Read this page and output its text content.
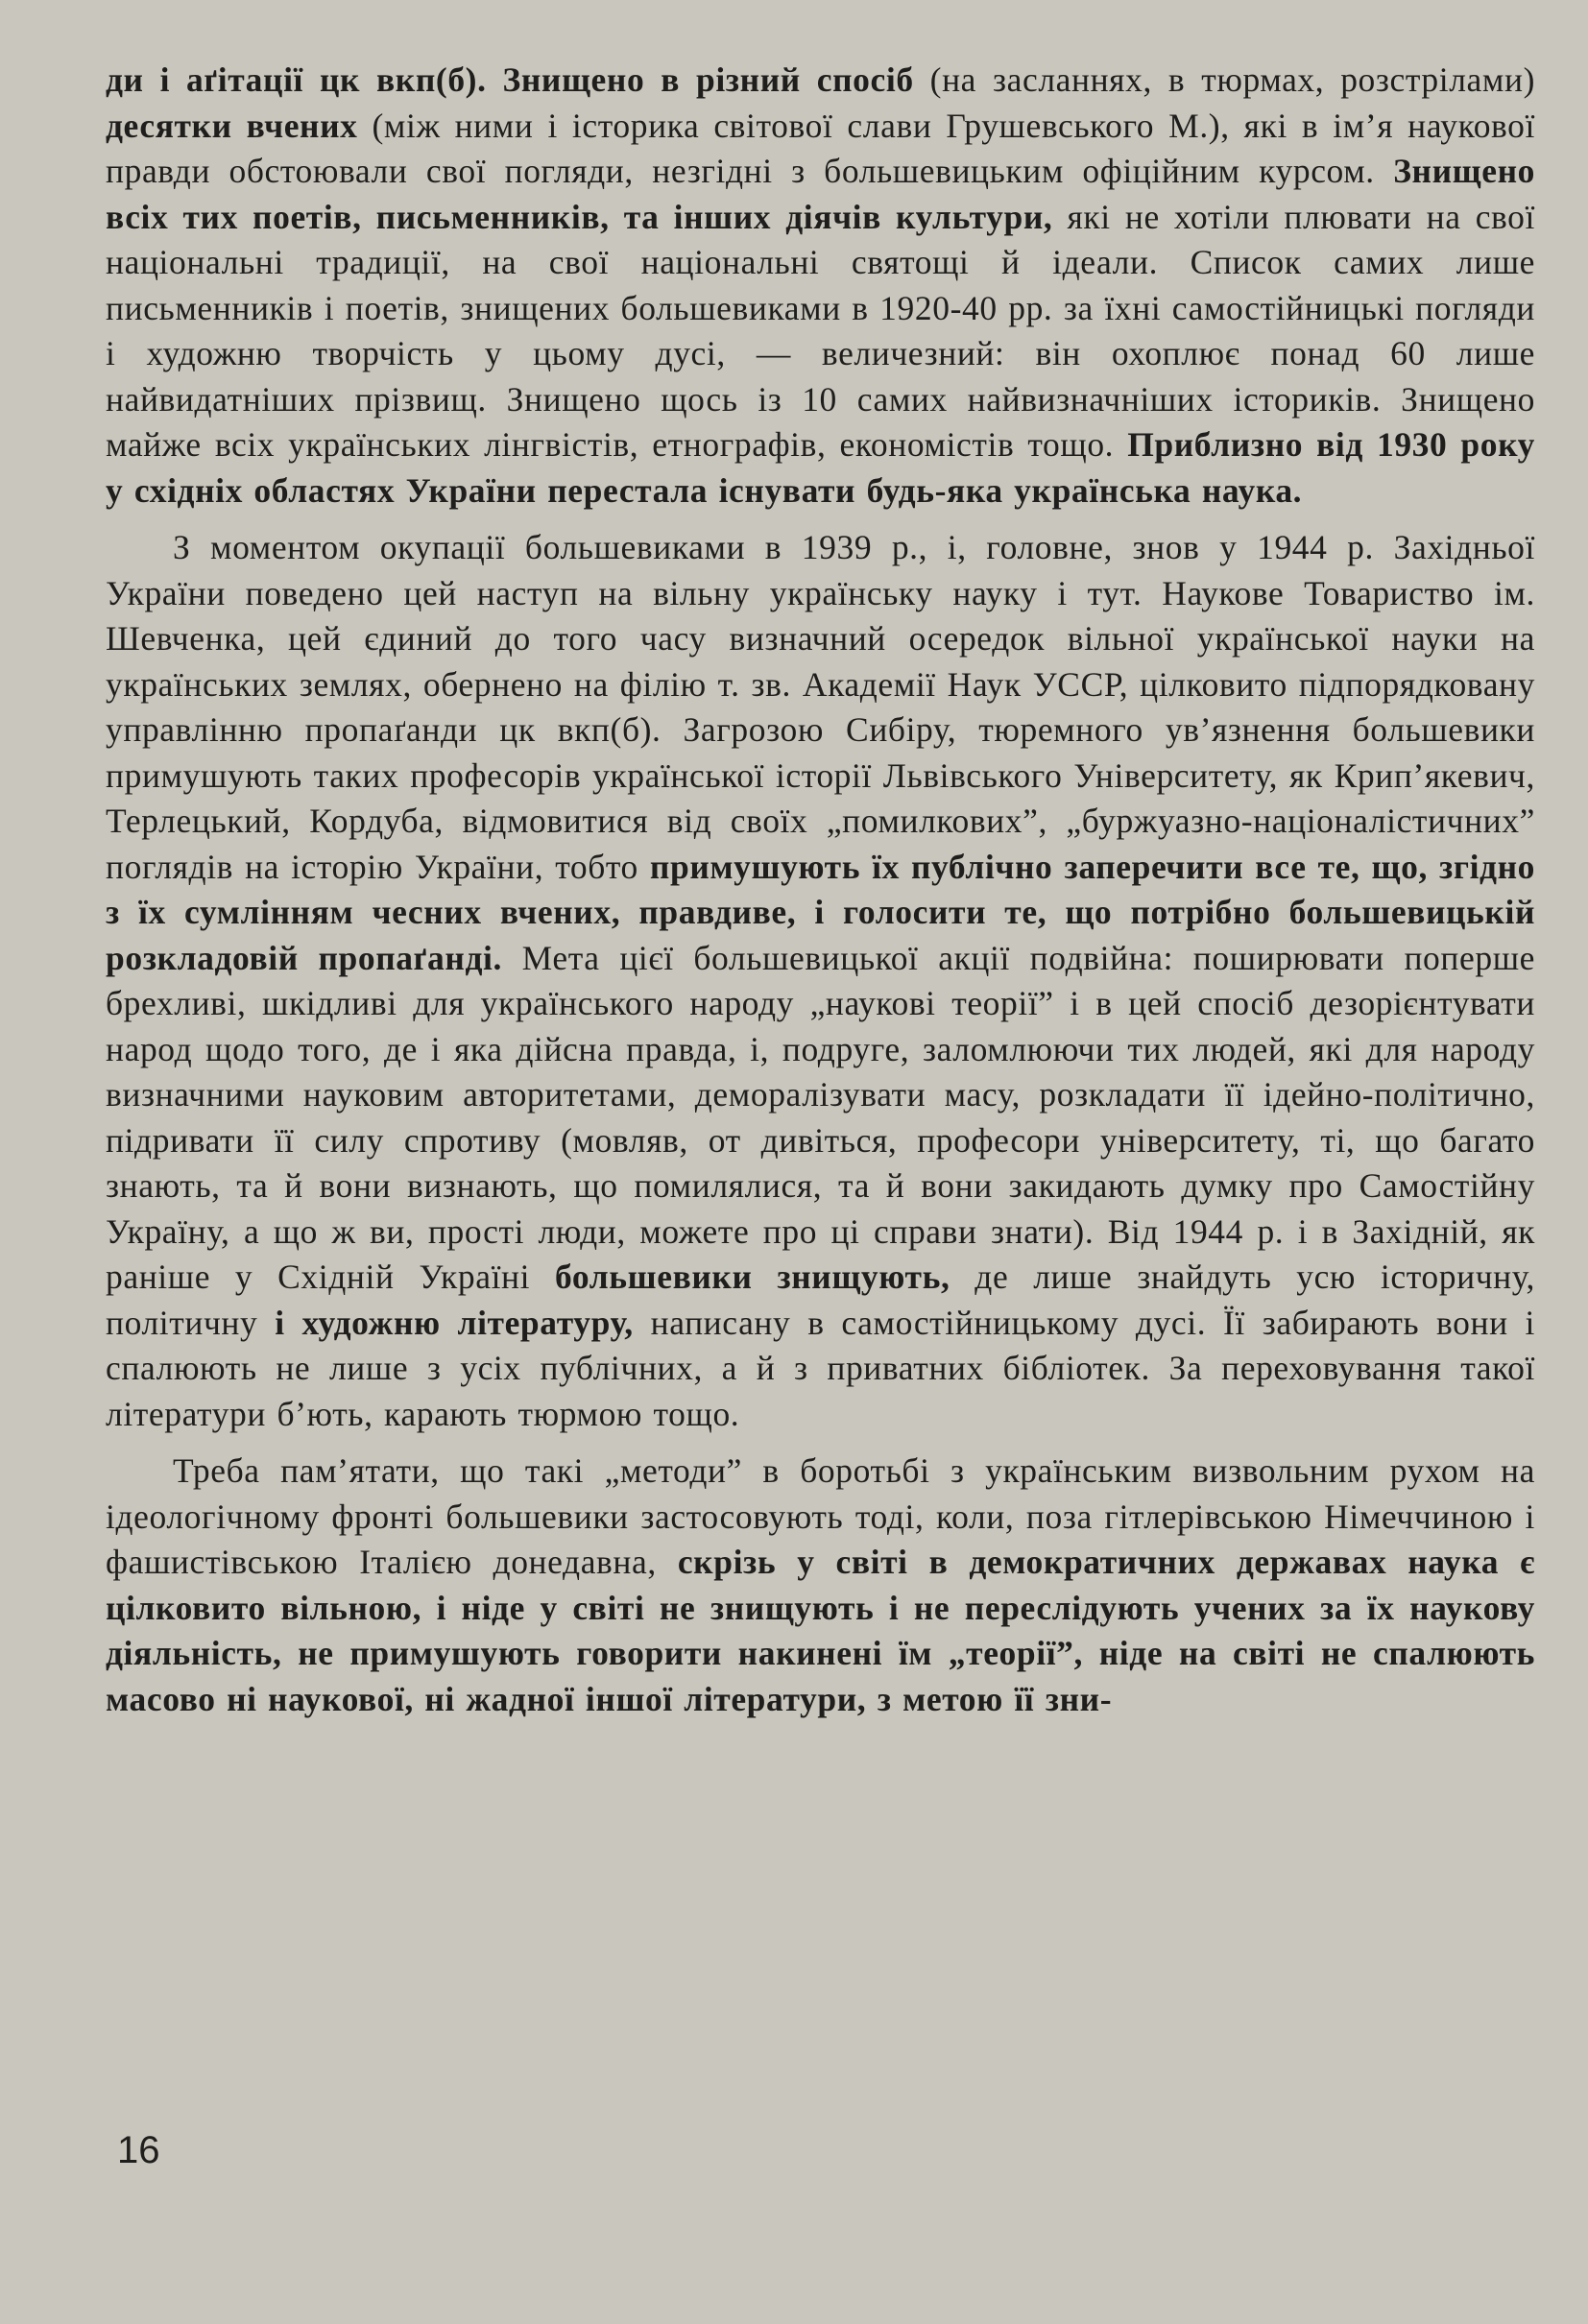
ди і аґітації цк вкп(б). Знищено в різний спосіб (на засланнях, в тюрмах, розстрілами) десятки вчених (між ними і історика світової слави Грушевського М.), які в ім’я наукової правди обстоювали свої погляди, незгідні з большевицьким офіційним курсом. Знищено всіх тих поетів, письменників, та інших діячів культури, які не хотіли плювати на свої національні традиції, на свої національні святощі й ідеали. Список самих лише письменників і поетів, знищених большевиками в 1920-40 рр. за їхні самостійницькі погляди і художню творчість у цьому дусі, — величезний: він охоплює понад 60 лише найвидатніших прізвищ. Знищено щось із 10 самих найвизначніших істориків. Знищено майже всіх українських лінгвістів, етнографів, економістів тощо. Приблизно від 1930 року у східніх областях України перестала існувати будь-яка українська наука.

З моментом окупації большевиками в 1939 р., і, головне, знов у 1944 р. Західньої України поведено цей наступ на вільну українську науку і тут. Наукове Товариство ім. Шевченка, цей єдиний до того часу визначний осередок вільної української науки на українських землях, обернено на філію т. зв. Академії Наук УССР, цілковито підпорядковану управлінню пропаґанди цк вкп(б). Загрозою Сибіру, тюремного ув’язнення большевики примушують таких професорів української історії Львівського Університету, як Крип’якевич, Терлецький, Кордуба, відмовитися від своїх „помилкових”, „буржуазно-націоналістичних” поглядів на історію України, тобто примушують їх публічно заперечити все те, що, згідно з їх сумлінням чесних вчених, правдиве, і голосити те, що потрібно большевицькій розкладовій пропаґанді. Мета цієї большевицької акції подвійна: поширювати поперше брехливі, шкідливі для українського народу „наукові теорії” і в цей спосіб дезорієнтувати народ щодо того, де і яка дійсна правда, і, подруге, заломлюючи тих людей, які для народу визначними науковим авторитетами, деморалізувати масу, розкладати її ідейно-політично, підривати її силу спротиву (мовляв, от дивіться, професори університету, ті, що багато знають, та й вони визнають, що помилялися, та й вони закидають думку про Самостійну Україну, а що ж ви, прості люди, можете про ці справи знати). Від 1944 р. і в Західній, як раніше у Східній Україні большевики знищують, де лише знайдуть усю історичну, політичну і художню літературу, написану в самостійницькому дусі. Її забирають вони і спалюють не лише з усіх публічних, а й з приватних бібліотек. За переховування такої літератури б’ють, карають тюрмою тощо.

Треба пам’ятати, що такі „методи” в боротьбі з українським визвольним рухом на ідеологічному фронті большевики застосовують тоді, коли, поза гітлерівською Німеччиною і фашистівською Італією донедавна, скрізь у світі в демократичних державах наука є цілковито вільною, і ніде у світі не знищують і не переслідують учених за їх наукову діяльність, не примушують говорити накинені їм „теорії”, ніде на світі не спалюють масово ні наукової, ні жадної іншої літератури, з метою її зни-

16
